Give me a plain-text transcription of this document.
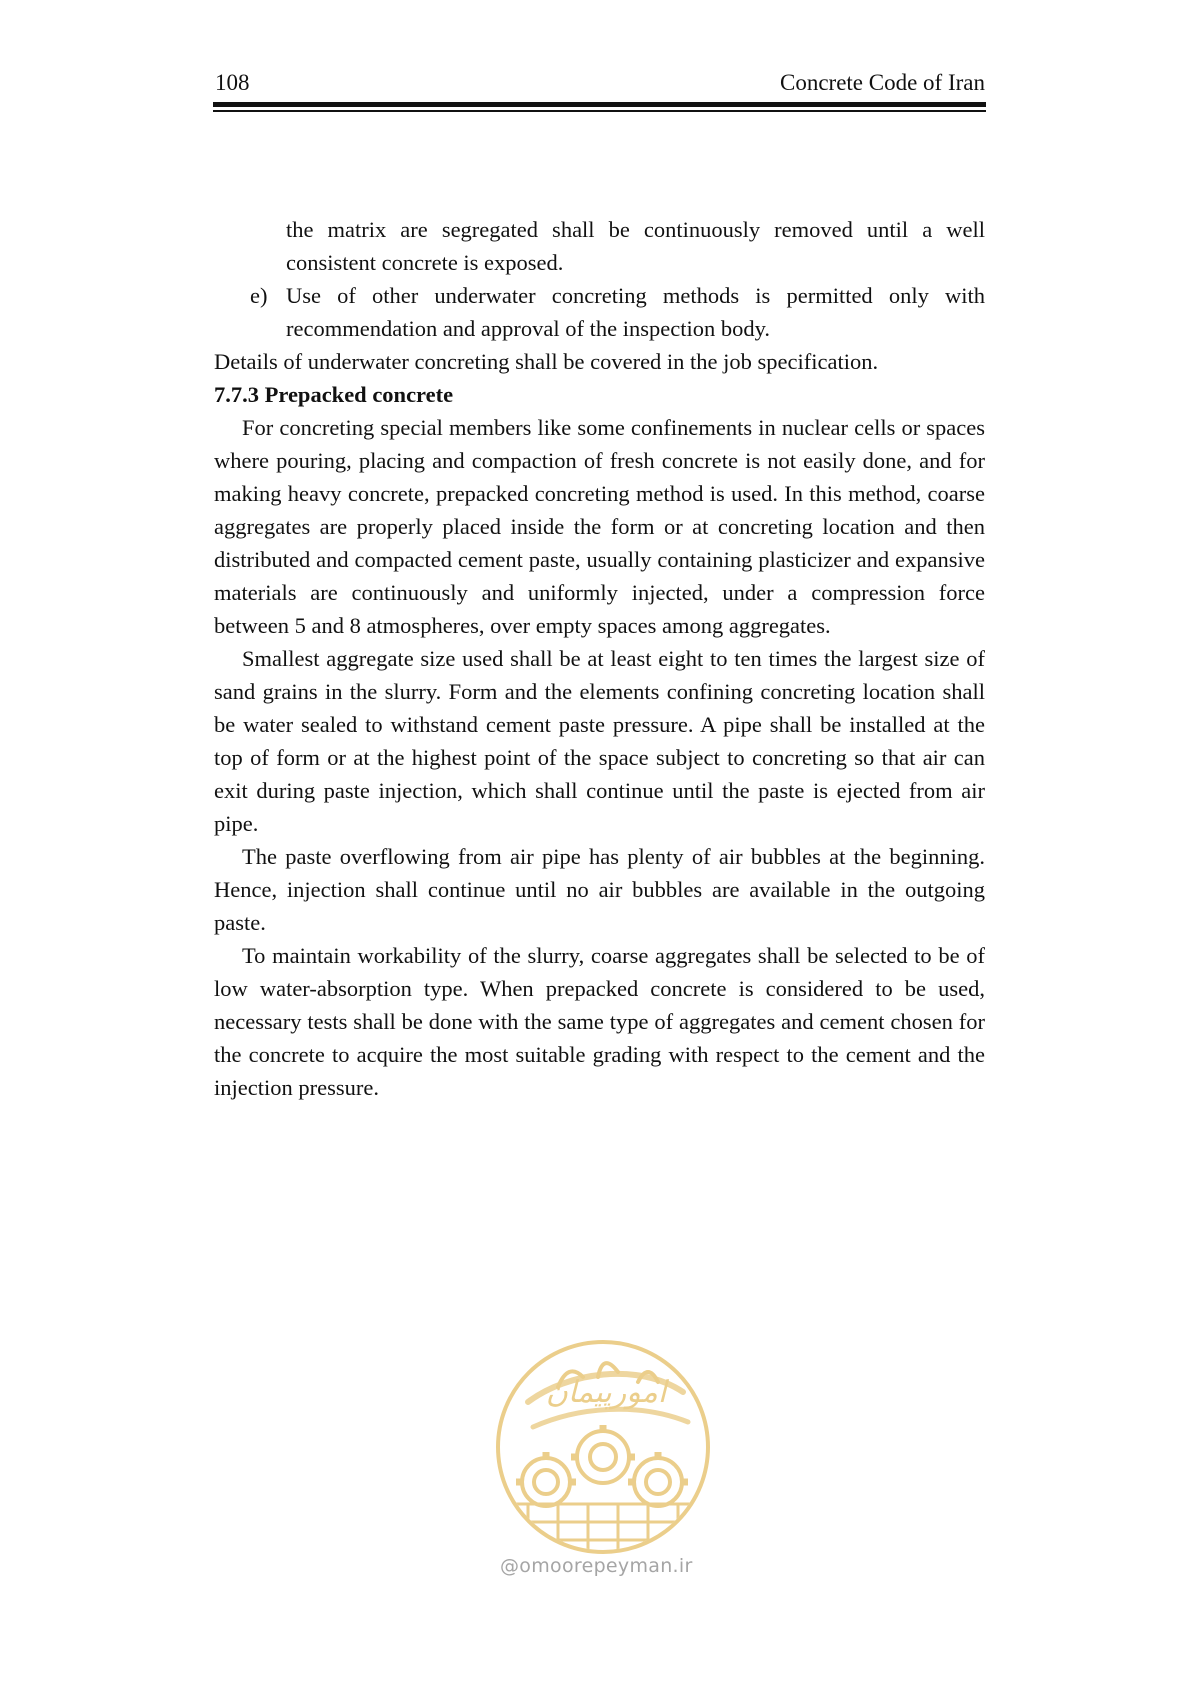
108	Concrete Code of Iran

the matrix are segregated shall be continuously removed until a well consistent concrete is exposed.

e) Use of other underwater concreting methods is permitted only with recommendation and approval of the inspection body.

Details of underwater concreting shall be covered in the job specification.

7.7.3 Prepacked concrete

For concreting special members like some confinements in nuclear cells or spaces where pouring, placing and compaction of fresh concrete is not easily done, and for making heavy concrete, prepacked concreting method is used. In this method, coarse aggregates are properly placed inside the form or at concreting location and then distributed and compacted cement paste, usually containing plasticizer and expansive materials are continuously and uniformly injected, under a compression force between 5 and 8 atmospheres, over empty spaces among aggregates.

Smallest aggregate size used shall be at least eight to ten times the largest size of sand grains in the slurry. Form and the elements confining concreting location shall be water sealed to withstand cement paste pressure. A pipe shall be installed at the top of form or at the highest point of the space subject to concreting so that air can exit during paste injection, which shall continue until the paste is ejected from air pipe.

The paste overflowing from air pipe has plenty of air bubbles at the beginning. Hence, injection shall continue until no air bubbles are available in the outgoing paste.

To maintain workability of the slurry, coarse aggregates shall be selected to be of low water-absorption type. When prepacked concrete is considered to be used, necessary tests shall be done with the same type of aggregates and cement chosen for the concrete to acquire the most suitable grading with respect to the cement and the injection pressure.

امورپیمان
@omoorepeyman.ir
